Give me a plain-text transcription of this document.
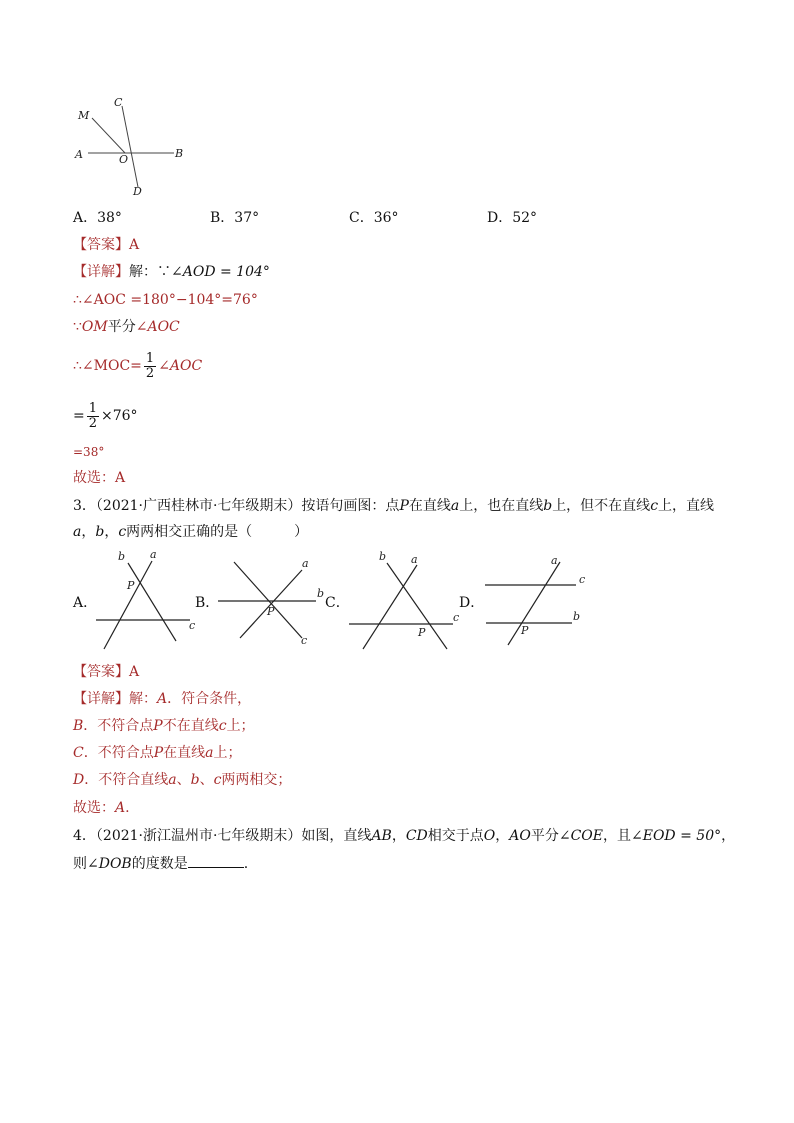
M
C
A	O	B
D
A．38°	B．37°	C．36°	D．52°
【答案】A
【详解】解：∵∠AOD = 104°
∴∠AOC =180°−104°=76°
∵OM平分∠AOC
∴∠MOC= $\frac{1}{2}$ ∠AOC
= $\frac{1}{2} \times 76^\circ$
=38°
故选：A
3．（2021·广西桂林市·七年级期末）按语句画图：点P在直线a上，也在直线b上，但不在直线c上，直线
a，b，c两两相交正确的是（　　　）
A．	B．	C．	D．
b a
P
c
a
b
P
c
b a
c
P
a
c
b
P
【答案】A
【详解】解：A．符合条件，
B．不符合点P不在直线c上；
C．不符合点P在直线a上；
D．不符合直线a、b、c两两相交；
故选：A.
4．（2021·浙江温州市·七年级期末）如图，直线AB，CD相交于点O，AO平分∠COE，且∠EOD = 50°，
则∠DOB的度数是	.
